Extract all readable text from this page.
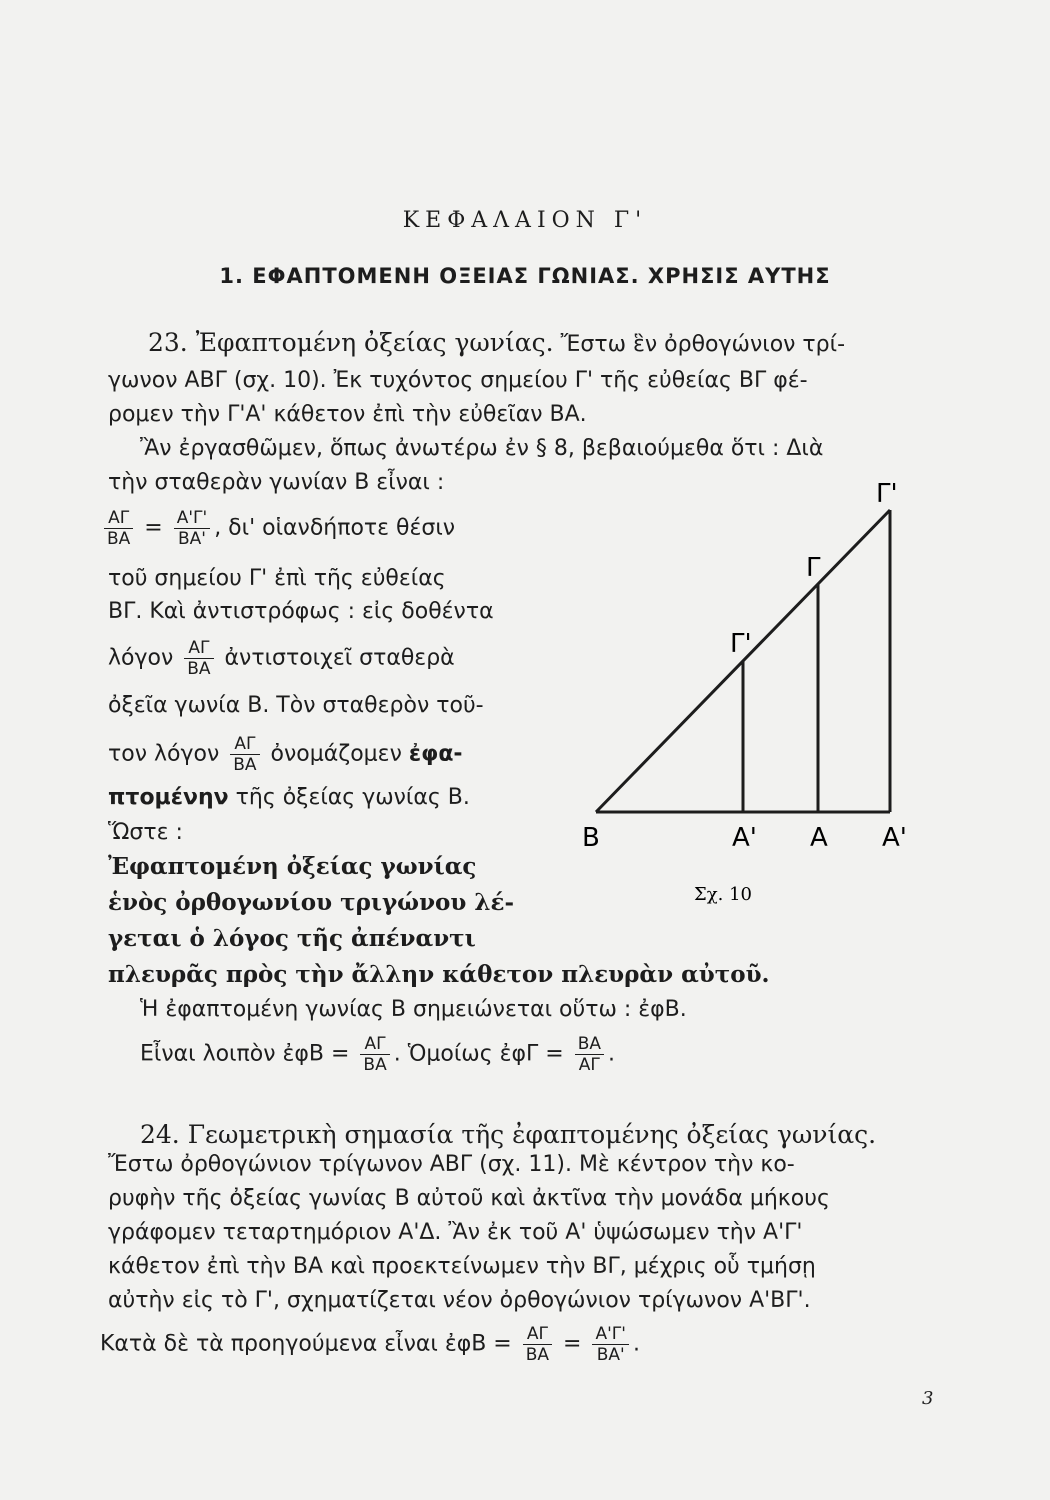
ΚΕΦΑΛΑΙΟΝ Γ'
1. ΕΦΑΠΤΟΜΕΝΗ ΟΞΕΙΑΣ ΓΩΝΙΑΣ. ΧΡΗΣΙΣ ΑΥΤΗΣ
23. Ἐφαπτομένη ὀξείας γωνίας. Ἔστω ἓν ὀρθογώνιον τρί-
γωνον ΑΒΓ (σχ. 10). Ἐκ τυχόντος σημείου Γ' τῆς εὐθείας ΒΓ φέ-
ρομεν τὴν Γ'Α' κάθετον ἐπὶ τὴν εὐθεῖαν ΒΑ.
Ἂν ἐργασθῶμεν, ὅπως ἀνωτέρω ἐν § 8, βεβαιούμεθα ὅτι : Διὰ
τὴν σταθερὰν γωνίαν Β εἶναι :
$\frac{A\Gamma}{BA} = \frac{A'\Gamma'}{BA'}$ , δι' οἱανδήποτε θέσιν
τοῦ σημείου Γ' ἐπὶ τῆς εὐθείας
ΒΓ. Καὶ ἀντιστρόφως : εἰς δοθέντα
λόγον $\frac{A\Gamma}{BA}$ ἀντιστοιχεῖ σταθερὰ
ὀξεῖα γωνία Β. Τὸν σταθερὸν τοῦ-
τον λόγον $\frac{A\Gamma}{BA}$ ὀνομάζομεν ἐφα-
πτομένην τῆς ὀξείας γωνίας Β.
Ὥστε :
Ἐφαπτομένη ὀξείας γωνίας
ἑνὸς ὀρθογωνίου τριγώνου λέ-
γεται ὁ λόγος τῆς ἀπέναντι
πλευρᾶς πρὸς τὴν ἄλλην κάθετον πλευρὰν αὐτοῦ.
Ἡ ἐφαπτομένη γωνίας Β σημειώνεται οὕτω : ἐφΒ.
Εἶναι λοιπὸν ἐφΒ = $\frac{A\Gamma}{BA}$ . Ὁμοίως ἐφΓ = $\frac{BA}{A\Gamma}$ .
Β	Α' Α Α'
Γ'
Γ
Γ'
Σχ. 10
24. Γεωμετρικὴ σημασία τῆς ἐφαπτομένης ὀξείας γωνίας.
Ἔστω ὀρθογώνιον τρίγωνον ΑΒΓ (σχ. 11). Μὲ κέντρον τὴν κο-
ρυφὴν τῆς ὀξείας γωνίας Β αὐτοῦ καὶ ἀκτῖνα τὴν μονάδα μήκους
γράφομεν τεταρτημόριον Α'Δ. Ἂν ἐκ τοῦ Α' ὑψώσωμεν τὴν Α'Γ'
κάθετον ἐπὶ τὴν ΒΑ καὶ προεκτείνωμεν τὴν ΒΓ, μέχρις οὗ τμήσῃ
αὐτὴν εἰς τὸ Γ', σχηματίζεται νέον ὀρθογώνιον τρίγωνον Α'ΒΓ'.
Κατὰ δὲ τὰ προηγούμενα εἶναι ἐφΒ = $\frac{A\Gamma}{BA} = \frac{A'\Gamma'}{BA'}$ .
3
